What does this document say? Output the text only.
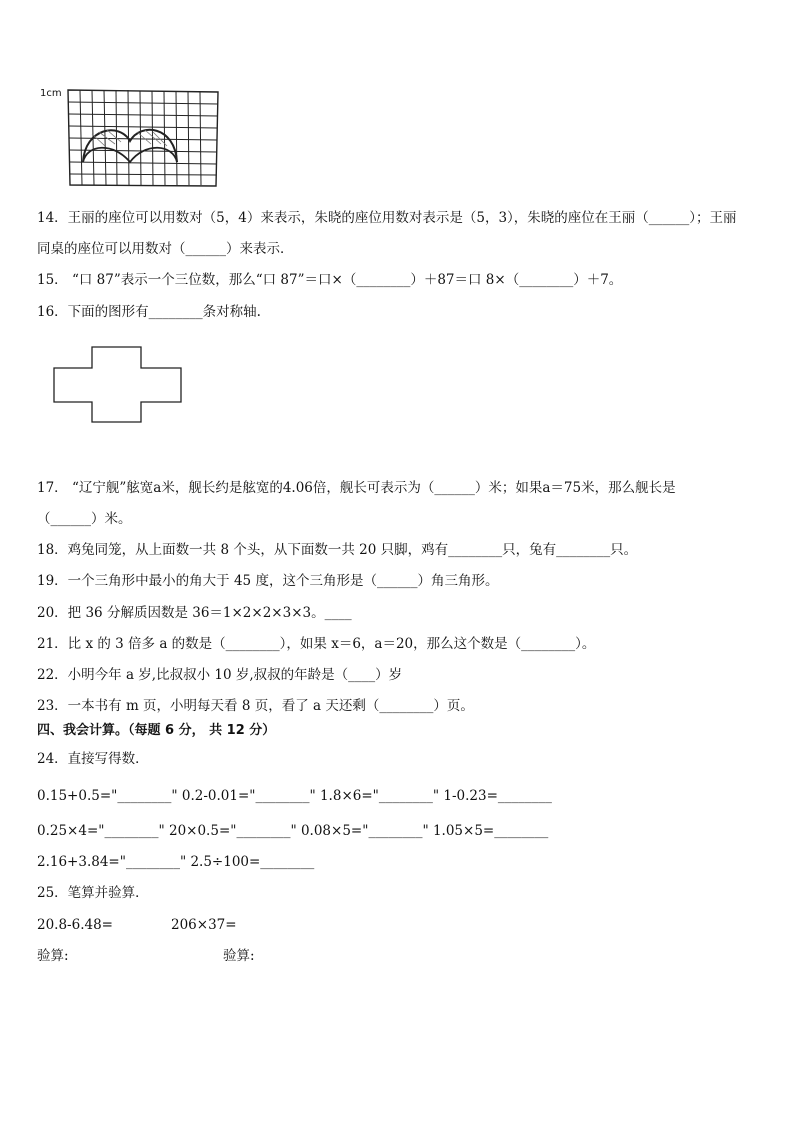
1cm
14．王丽的座位可以用数对（5，4）来表示，朱晓的座位用数对表示是（5，3），朱晓的座位在王丽（______）；王丽
同桌的座位可以用数对（______）来表示．
15． “口 87”表示一个三位数，那么“口 87”＝口×（________）＋87＝口 8×（________）＋7。
16．下面的图形有________条对称轴.
17． “辽宁舰”舷宽a米，舰长约是舷宽的4.06倍，舰长可表示为（______）米；如果a＝75米，那么舰长是
（______）米。
18．鸡兔同笼，从上面数一共 8 个头，从下面数一共 20 只脚，鸡有________只，兔有________只。
19．一个三角形中最小的角大于 45 度，这个三角形是（______）角三角形。
20．把 36 分解质因数是 36＝1×2×2×3×3。____
21．比 x 的 3 倍多 a 的数是（________），如果 x＝6，a＝20，那么这个数是（________）。
22．小明今年 a 岁,比叔叔小 10 岁,叔叔的年龄是（____）岁
23．一本书有 m 页，小明每天看 8 页，看了 a 天还剩（________）页。
四、我会计算。（每题 6 分， 共 12 分）
24．直接写得数．
0.15+0.5="________" 0.2-0.01="________" 1.8×6="________" 1-0.23=________
0.25×4="________" 20×0.5="________" 0.08×5="________" 1.05×5=________
2.16+3.84="________" 2.5÷100=________
25．笔算并验算．
20.8-6.48=	206×37=
验算:	验算:
